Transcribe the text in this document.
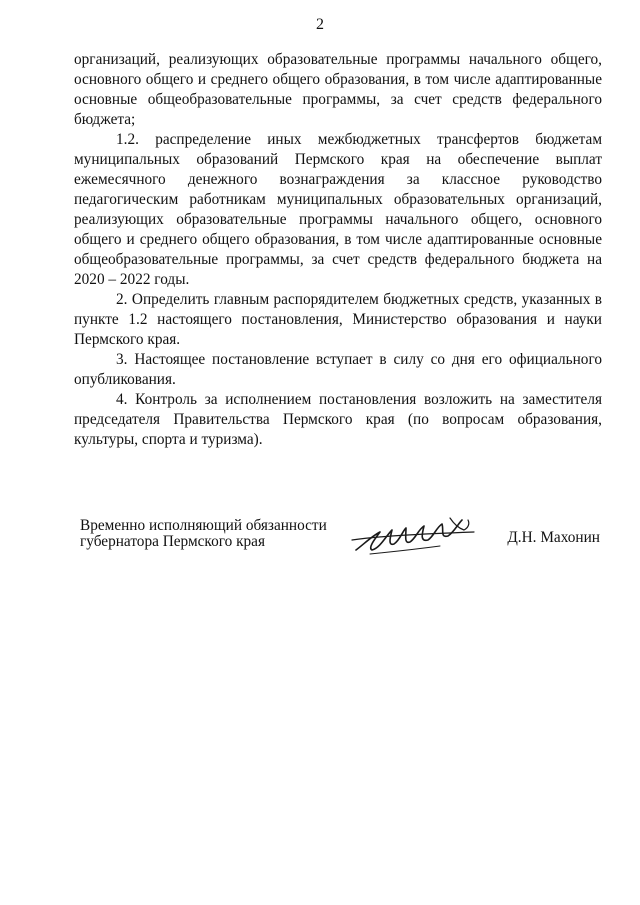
2

организаций, реализующих образовательные программы начального общего, основного общего и среднего общего образования, в том числе адаптированные основные общеобразовательные программы, за счет средств федерального бюджета;

1.2. распределение иных межбюджетных трансфертов бюджетам муниципальных образований Пермского края на обеспечение выплат ежемесячного денежного вознаграждения за классное руководство педагогическим работникам муниципальных образовательных организаций, реализующих образовательные программы начального общего, основного общего и среднего общего образования, в том числе адаптированные основные общеобразовательные программы, за счет средств федерального бюджета на 2020 – 2022 годы.

2. Определить главным распорядителем бюджетных средств, указанных в пункте 1.2 настоящего постановления, Министерство образования и науки Пермского края.

3. Настоящее постановление вступает в силу со дня его официального опубликования.

4. Контроль за исполнением постановления возложить на заместителя председателя Правительства Пермского края (по вопросам образования, культуры, спорта и туризма).

Временно исполняющий обязанности
губернатора Пермского края	Д.Н. Махонин
